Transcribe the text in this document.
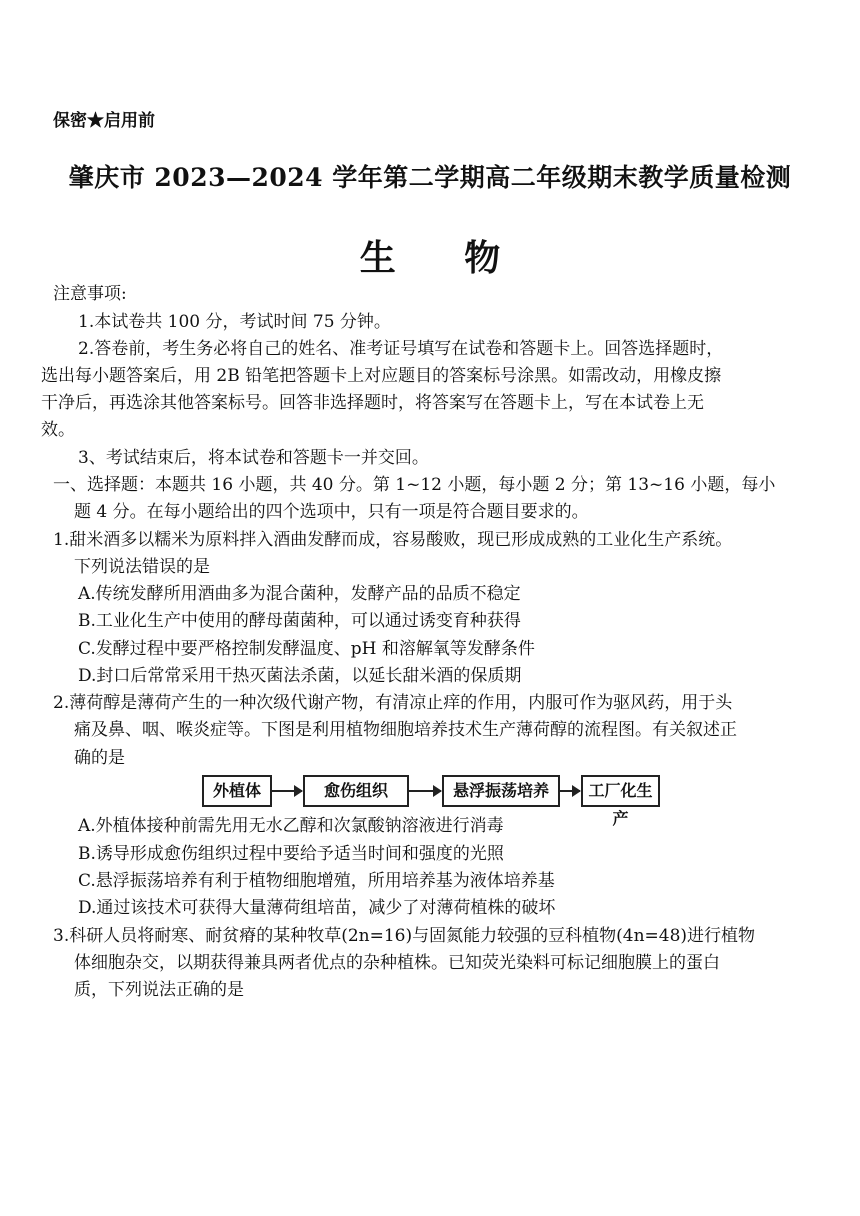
保密★启用前
肇庆市 2023—2024 学年第二学期高二年级期末教学质量检测
生 物
注意事项:
1.本试卷共 100 分，考试时间 75 分钟。
2.答卷前，考生务必将自己的姓名、准考证号填写在试卷和答题卡上。回答选择题时，
选出每小题答案后，用 2B 铅笔把答题卡上对应题目的答案标号涂黑。如需改动，用橡皮擦
干净后，再选涂其他答案标号。回答非选择题时，将答案写在答题卡上，写在本试卷上无
效。
3、考试结束后，将本试卷和答题卡一并交回。
一、选择题：本题共 16 小题，共 40 分。第 1~12 小题，每小题 2 分；第 13~16 小题，每小
题 4 分。在每小题给出的四个选项中，只有一项是符合题目要求的。
1.甜米酒多以糯米为原料拌入酒曲发酵而成，容易酸败，现已形成成熟的工业化生产系统。
下列说法错误的是
A.传统发酵所用酒曲多为混合菌种，发酵产品的品质不稳定
B.工业化生产中使用的酵母菌菌种，可以通过诱变育种获得
C.发酵过程中要严格控制发酵温度、pH 和溶解氧等发酵条件
D.封口后常常采用干热灭菌法杀菌，以延长甜米酒的保质期
2.薄荷醇是薄荷产生的一种次级代谢产物，有清凉止痒的作用，内服可作为驱风药，用于头
痛及鼻、咽、喉炎症等。下图是利用植物细胞培养技术生产薄荷醇的流程图。有关叙述正
确的是
外植体	愈伤组织	悬浮振荡培养	工厂化生产
A.外植体接种前需先用无水乙醇和次氯酸钠溶液进行消毒
B.诱导形成愈伤组织过程中要给予适当时间和强度的光照
C.悬浮振荡培养有利于植物细胞增殖，所用培养基为液体培养基
D.通过该技术可获得大量薄荷组培苗，减少了对薄荷植株的破坏
3.科研人员将耐寒、耐贫瘠的某种牧草(2n=16)与固氮能力较强的豆科植物(4n=48)进行植物
体细胞杂交，以期获得兼具两者优点的杂种植株。已知荧光染料可标记细胞膜上的蛋白
质，下列说法正确的是
